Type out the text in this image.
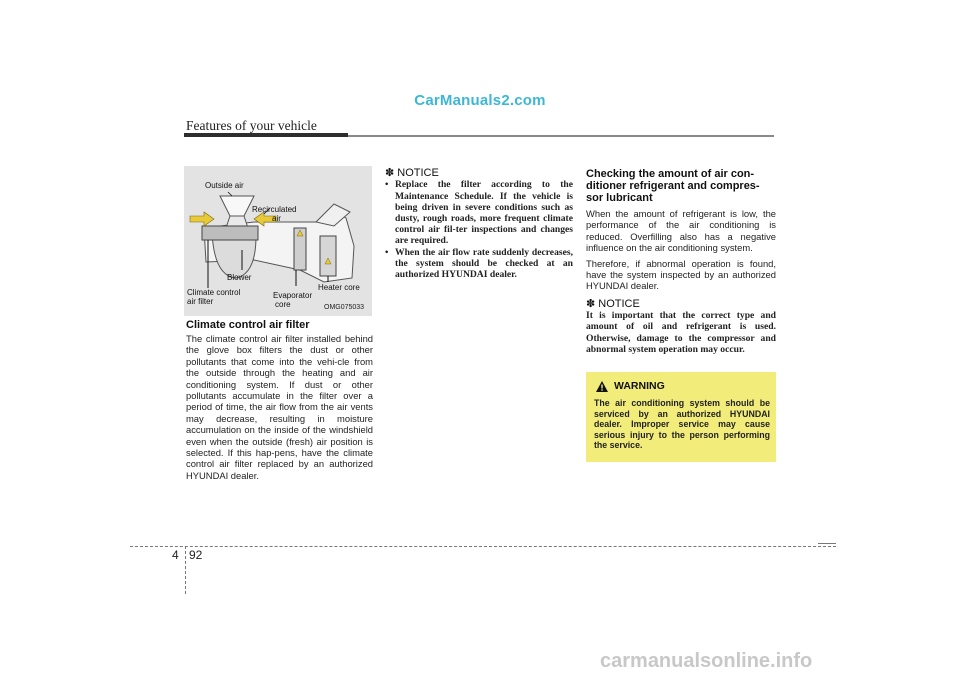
CarManuals2.com
Features of your vehicle
Outside air
Recirculated
air
Blower
Climate control
air filter
Evaporator
core
Heater core
OMG075033
Climate control air filter

The climate control air filter installed behind the glove box filters the dust or other pollutants that come into the vehi-cle from the outside through the heating and air conditioning system. If dust or other pollutants accumulate in the filter over a period of time, the air flow from the air vents may decrease, resulting in moisture accumulation on the inside of the windshield even when the outside (fresh) air position is selected. If this hap-pens, have the climate control air filter replaced by an authorized HYUNDAI dealer.

✽ NOTICE
• Replace the filter according to the Maintenance Schedule. If the vehicle is being driven in severe conditions such as dusty, rough roads, more frequent climate control air fil-ter inspections and changes are required.
• When the air flow rate suddenly decreases, the system should be checked at an authorized HYUNDAI dealer.
Checking the amount of air con-ditioner refrigerant and compres-sor lubricant

When the amount of refrigerant is low, the performance of the air conditioning is reduced. Overfilling also has a negative influence on the air conditioning system.

Therefore, if abnormal operation is found, have the system inspected by an authorized HYUNDAI dealer.

✽ NOTICE

It is important that the correct type and amount of oil and refrigerant is used. Otherwise, damage to the compressor and abnormal system operation may occur.

WARNING
The air conditioning system should be serviced by an authorized HYUNDAI dealer. Improper service may cause serious injury to the person performing the service.
4 92
carmanualsonline.info
